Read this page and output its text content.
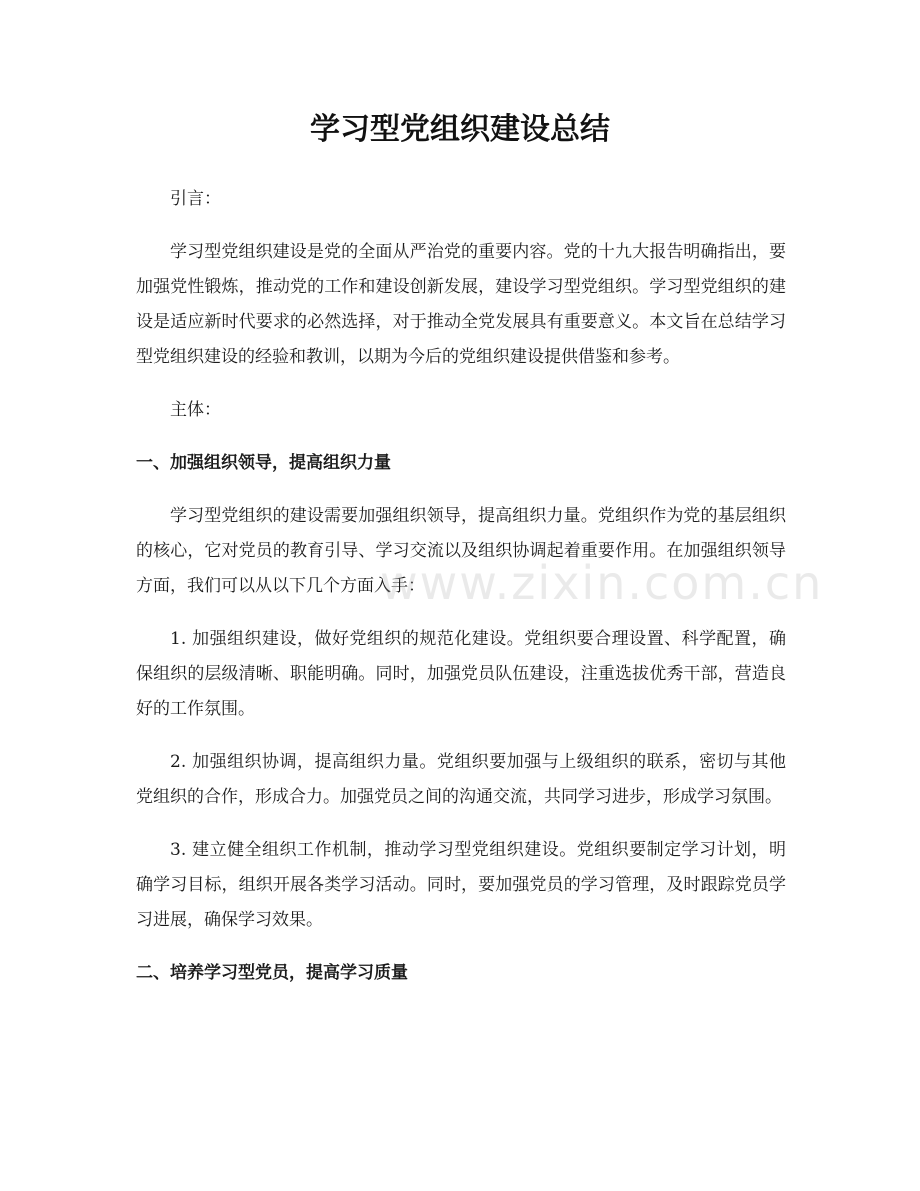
学习型党组织建设总结

引言：

学习型党组织建设是党的全面从严治党的重要内容。党的十九大报告明确指出，要加强党性锻炼，推动党的工作和建设创新发展，建设学习型党组织。学习型党组织的建设是适应新时代要求的必然选择，对于推动全党发展具有重要意义。本文旨在总结学习型党组织建设的经验和教训，以期为今后的党组织建设提供借鉴和参考。

主体：

一、加强组织领导，提高组织力量

学习型党组织的建设需要加强组织领导，提高组织力量。党组织作为党的基层组织的核心，它对党员的教育引导、学习交流以及组织协调起着重要作用。在加强组织领导方面，我们可以从以下几个方面入手：

1. 加强组织建设，做好党组织的规范化建设。党组织要合理设置、科学配置，确保组织的层级清晰、职能明确。同时，加强党员队伍建设，注重选拔优秀干部，营造良好的工作氛围。

2. 加强组织协调，提高组织力量。党组织要加强与上级组织的联系，密切与其他党组织的合作，形成合力。加强党员之间的沟通交流，共同学习进步，形成学习氛围。

3. 建立健全组织工作机制，推动学习型党组织建设。党组织要制定学习计划，明确学习目标，组织开展各类学习活动。同时，要加强党员的学习管理，及时跟踪党员学习进展，确保学习效果。

二、培养学习型党员，提高学习质量
www.zixin.com.cn
